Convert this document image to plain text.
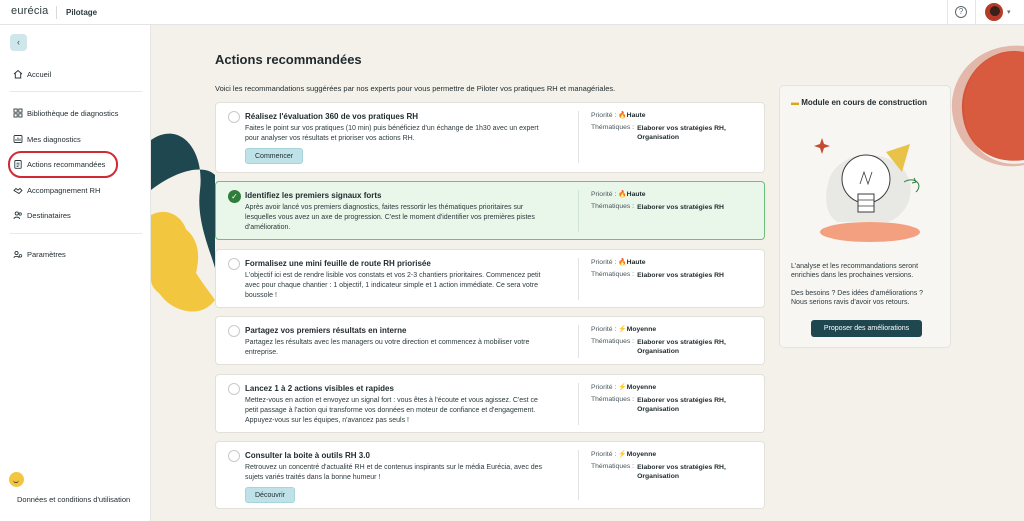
eurécia Pilotage	?	▾
‹
Accueil
Bibliothèque de diagnostics
Mes diagnostics
Actions recommandées
Accompagnement RH
Destinataires
Paramètres
Données et conditions d'utilisation
Actions recommandées
Voici les recommandations suggérées par nos experts pour vous permettre de Piloter vos pratiques RH et managériales.
Réalisez l'évaluation 360 de vos pratiques RH
Faites le point sur vos pratiques (10 min) puis bénéficiez d'un échange de 1h30 avec un expert pour analyser vos résultats et prioriser vos actions RH.
Commencer
Priorité : 🔥Haute
Thématiques : Elaborer vos stratégies RH, Organisation
✓ Identifiez les premiers signaux forts
Après avoir lancé vos premiers diagnostics, faites ressortir les thématiques prioritaires sur lesquelles vous avez un axe de progression. C'est le moment d'identifier vos premières pistes d'amélioration.
Priorité : 🔥Haute
Thématiques : Elaborer vos stratégies RH
Formalisez une mini feuille de route RH priorisée
L'objectif ici est de rendre lisible vos constats et vos 2-3 chantiers prioritaires. Commencez petit avec pour chaque chantier : 1 objectif, 1 indicateur simple et 1 action immédiate. Ce sera votre boussole !
Priorité : 🔥Haute
Thématiques : Elaborer vos stratégies RH
Partagez vos premiers résultats en interne
Partagez les résultats avec les managers ou votre direction et commencez à mobiliser votre entreprise.
Priorité : ⚡Moyenne
Thématiques : Elaborer vos stratégies RH, Organisation
Lancez 1 à 2 actions visibles et rapides
Mettez-vous en action et envoyez un signal fort : vous êtes à l'écoute et vous agissez. C'est ce petit passage à l'action qui transforme vos données en moteur de confiance et d'engagement. Appuyez-vous sur les équipes, n'avancez pas seuls !
Priorité : ⚡Moyenne
Thématiques : Elaborer vos stratégies RH, Organisation
Consulter la boite à outils RH 3.0
Retrouvez un concentré d'actualité RH et de contenus inspirants sur le média Eurécia, avec des sujets variés traités dans la bonne humeur !
Découvrir
Priorité : ⚡Moyenne
Thématiques : Elaborer vos stratégies RH, Organisation
▬ Module en cours de construction
L'analyse et les recommandations seront enrichies dans les prochaines versions.
Des besoins ? Des idées d'améliorations ? Nous serions ravis d'avoir vos retours.
Proposer des améliorations
